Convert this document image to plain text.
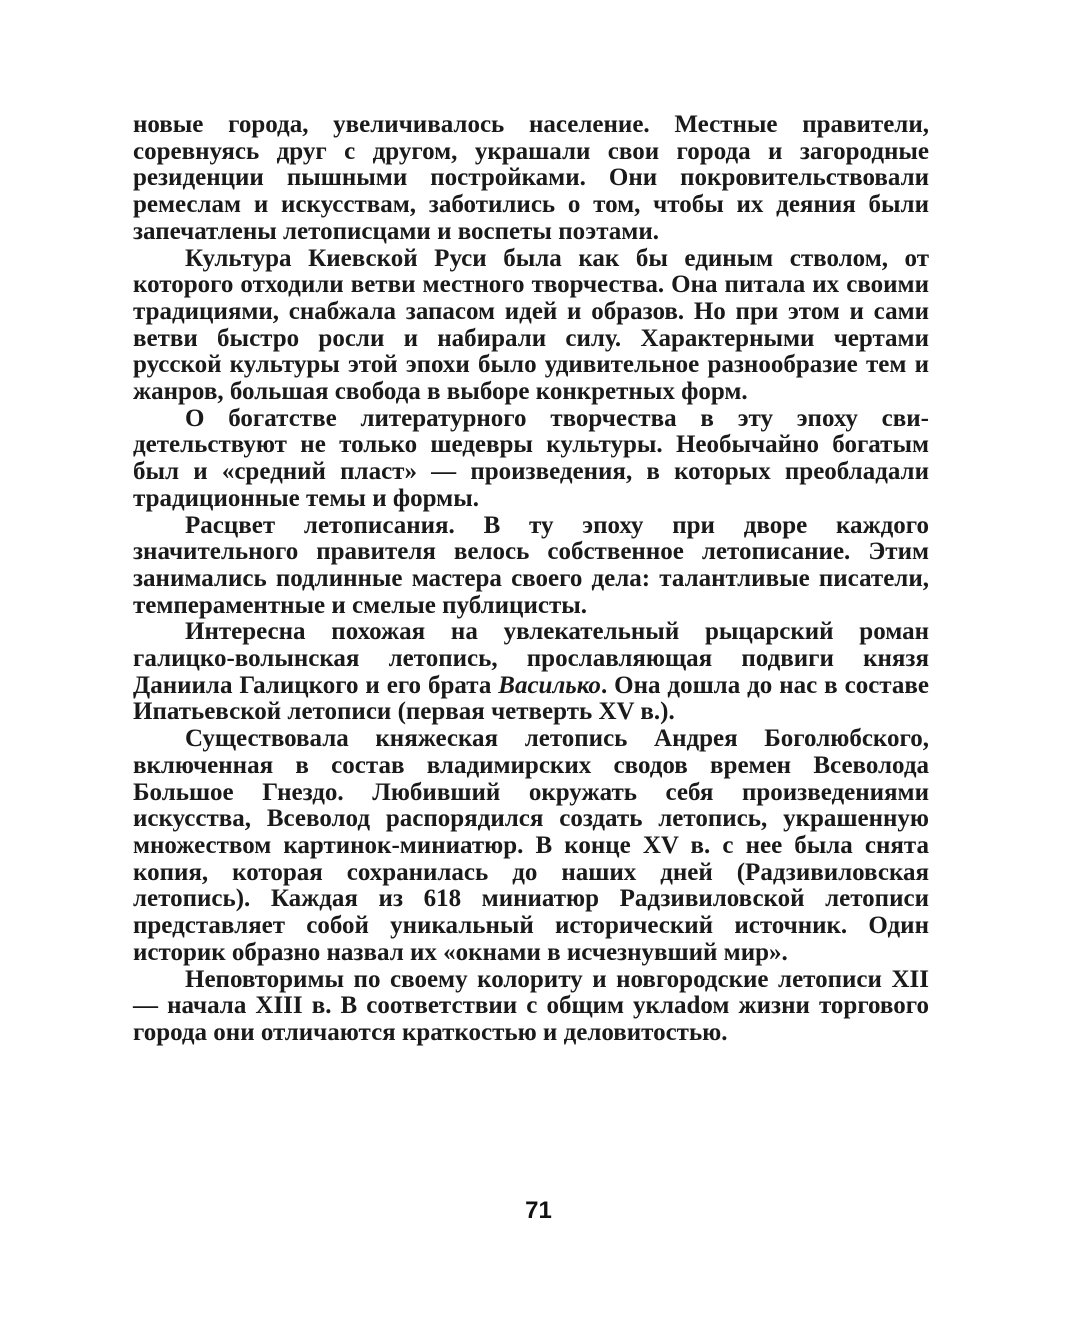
новые города, увеличивалось население. Местные правители, соревнуясь друг с другом, украшали свои города и загородные резиденции пышными постройками. Они покровительствовали ремеслам и искусствам, заботились о том, чтобы их деяния были запечатлены летописцами и воспеты поэтами.

Культура Киевской Руси была как бы единым стволом, от которого отходили ветви местного творчества. Она питала их своими традициями, снабжала запасом идей и образов. Но при этом и сами ветви быстро росли и набирали силу. Характерными чертами русской культуры этой эпохи было удивительное разнообразие тем и жанров, большая свобода в выборе конкретных форм.

О богатстве литературного творчества в эту эпоху свидетельствуют не только шедевры культуры. Необычайно богатым был и «средний пласт» — произведения, в которых преобладали традиционные темы и формы.

Расцвет летописания. В ту эпоху при дворе каждого значительного правителя велось собственное летописание. Этим занимались подлинные мастера своего дела: талантливые писатели, темпераментные и смелые публицисты.

Интересна похожая на увлекательный рыцарский роман галицко-волынская летопись, прославляющая подвиги князя Даниила Галицкого и его брата Василько. Она дошла до нас в составе Ипатьевской летописи (первая четверть XV в.).

Существовала княжеская летопись Андрея Боголюбского, включенная в состав владимирских сводов времен Всеволода Большое Гнездо. Любивший окружать себя произведениями искусства, Всеволод распорядился создать летопись, украшенную множеством картинок-миниатюр. В конце XV в. с нее была снята копия, которая сохранилась до наших дней (Радзивиловская летопись). Каждая из 618 миниатюр Радзивиловской летописи представляет собой уникальный исторический источник. Один историк образно назвал их «окнами в исчезнувший мир».

Неповторимы по своему колориту и новгородские летописи XII — начала XIII в. В соответствии с общим уклаdом жизни торгового города они отличаются краткостью и деловитостью.

71
